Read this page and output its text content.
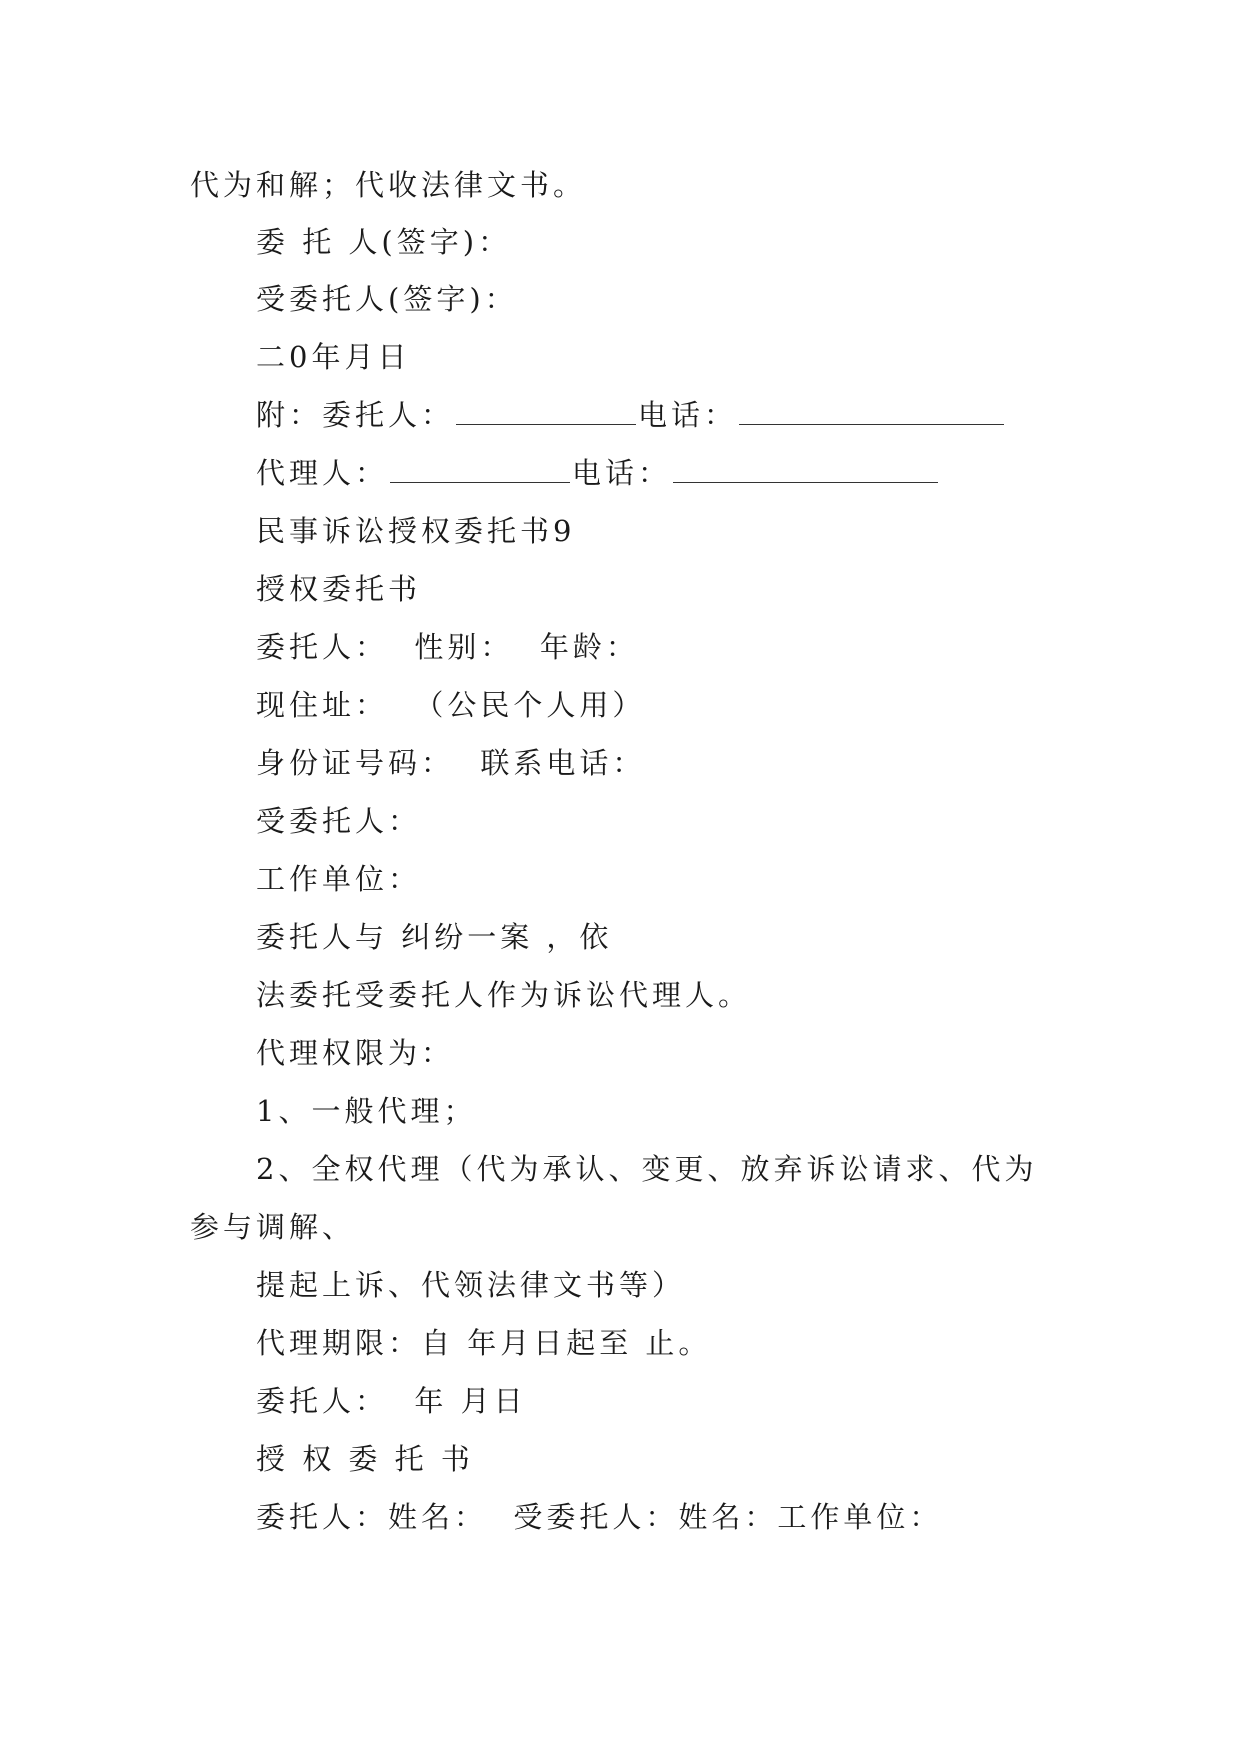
代为和解；代收法律文书。
委 托 人(签字)：
受委托人(签字)：
二0年月日
附：委托人：	电话：
代理人：	电话：
民事诉讼授权委托书9
授权委托书
委托人：  性别：  年龄：
现住址：  （公民个人用）
身份证号码：  联系电话：
受委托人：
工作单位：
委托人与 纠纷一案 ，依
法委托受委托人作为诉讼代理人。
代理权限为：
1、一般代理；
2、全权代理（代为承认、变更、放弃诉讼请求、代为
参与调解、
提起上诉、代领法律文书等）
代理期限：自 年月日起至 止。
委托人：  年 月日
授 权 委 托 书
委托人：姓名：  受委托人：姓名：工作单位：
